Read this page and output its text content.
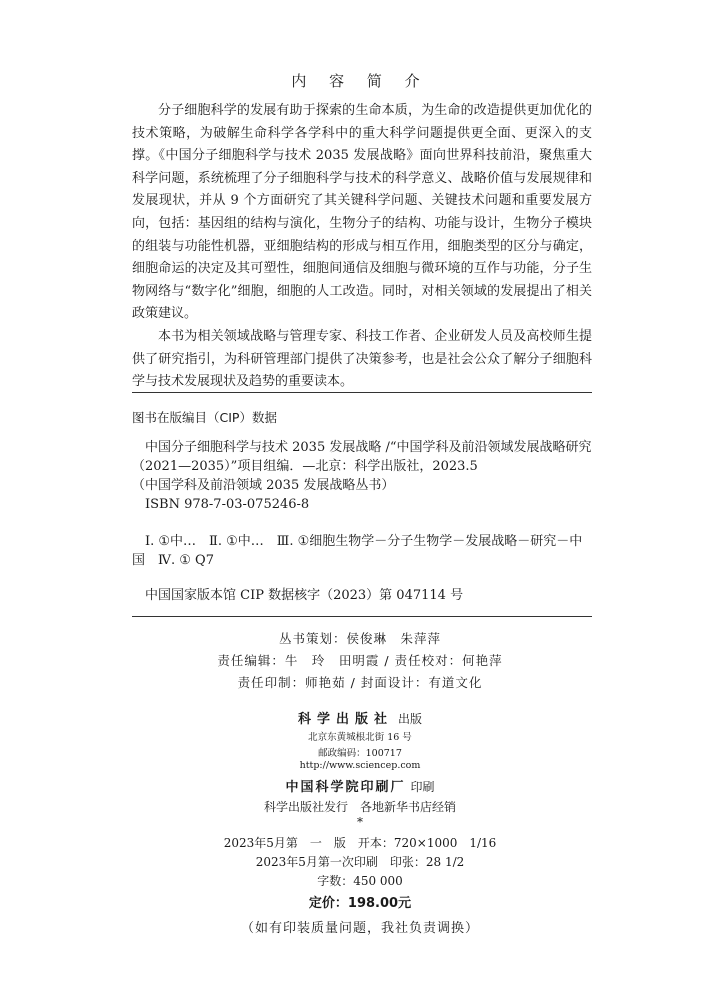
内 容 简 介

分子细胞科学的发展有助于探索的生命本质，为生命的改造提供更加优化的技术策略，为破解生命科学各学科中的重大科学问题提供更全面、更深入的支撑。《中国分子细胞科学与技术 2035 发展战略》面向世界科技前沿，聚焦重大科学问题，系统梳理了分子细胞科学与技术的科学意义、战略价值与发展规律和发展现状，并从 9 个方面研究了其关键科学问题、关键技术问题和重要发展方向，包括：基因组的结构与演化，生物分子的结构、功能与设计，生物分子模块的组装与功能性机器，亚细胞结构的形成与相互作用，细胞类型的区分与确定，细胞命运的决定及其可塑性，细胞间通信及细胞与微环境的互作与功能，分子生物网络与“数字化”细胞，细胞的人工改造。同时，对相关领域的发展提出了相关政策建议。

本书为相关领域战略与管理专家、科技工作者、企业研发人员及高校师生提供了研究指引，为科研管理部门提供了决策参考，也是社会公众了解分子细胞科学与技术发展现状及趋势的重要读本。

图书在版编目（CIP）数据

中国分子细胞科学与技术 2035 发展战略 /“中国学科及前沿领域发展战略研究（2021—2035）”项目组编．—北京：科学出版社，2023.5

（中国学科及前沿领域 2035 发展战略丛书）

ISBN 978-7-03-075246-8

Ⅰ. ①中…　Ⅱ. ①中…　Ⅲ. ①细胞生物学－分子生物学－发展战略－研究－中国　Ⅳ. ① Q7

中国国家版本馆 CIP 数据核字（2023）第 047114 号

丛书策划：侯俊琳　朱萍萍
责任编辑：牛　玲　田明霞 / 责任校对：何艳萍
责任印制：师艳茹 / 封面设计：有道文化
科学出版社 出版
北京东黄城根北街 16 号
邮政编码：100717
http://www.sciencep.com
中国科学院印刷厂 印刷
科学出版社发行　各地新华书店经销
*
2023年5月第　一　版　开本：720×1000　1/16
2023年5月第一次印刷　印张：28 1/2
字数：450 000
定价：198.00元
（如有印装质量问题，我社负责调换）
